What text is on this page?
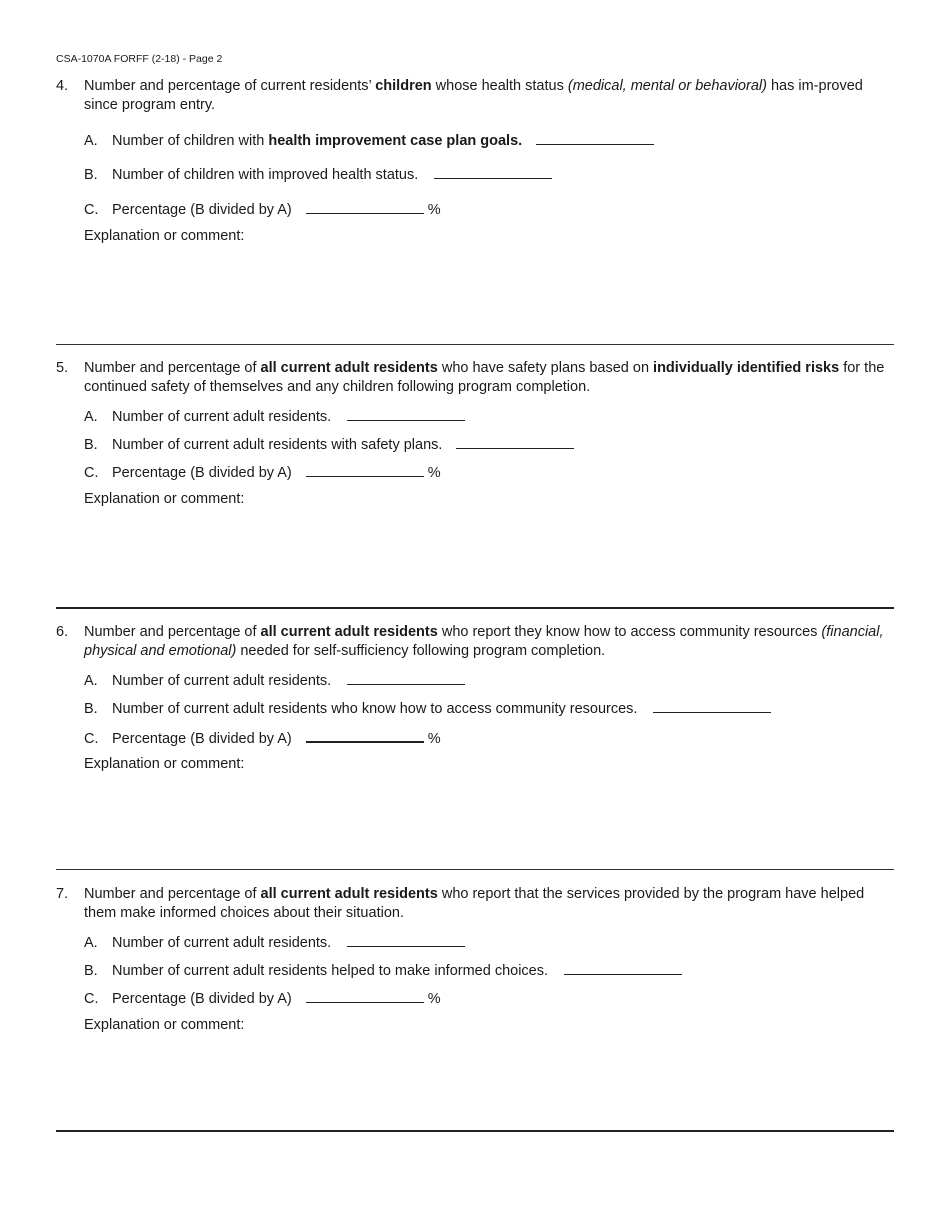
CSA-1070A FORFF (2-18) - Page 2
4. Number and percentage of current residents’ children whose health status (medical, mental or behavioral) has im-proved since program entry.
A. Number of children with health improvement case plan goals.
B. Number of children with improved health status.
C. Percentage (B divided by A)	%
Explanation or comment:
5. Number and percentage of all current adult residents who have safety plans based on individually identified risks for the continued safety of themselves and any children following program completion.
A. Number of current adult residents.
B. Number of current adult residents with safety plans.
C. Percentage (B divided by A)	%
Explanation or comment:
6. Number and percentage of all current adult residents who report they know how to access community resources (financial, physical and emotional) needed for self-sufficiency following program completion.
A. Number of current adult residents.
B. Number of current adult residents who know how to access community resources.
C. Percentage (B divided by A)	%
Explanation or comment:
7. Number and percentage of all current adult residents who report that the services provided by the program have helped them make informed choices about their situation.
A. Number of current adult residents.
B. Number of current adult residents helped to make informed choices.
C. Percentage (B divided by A)	%
Explanation or comment:
